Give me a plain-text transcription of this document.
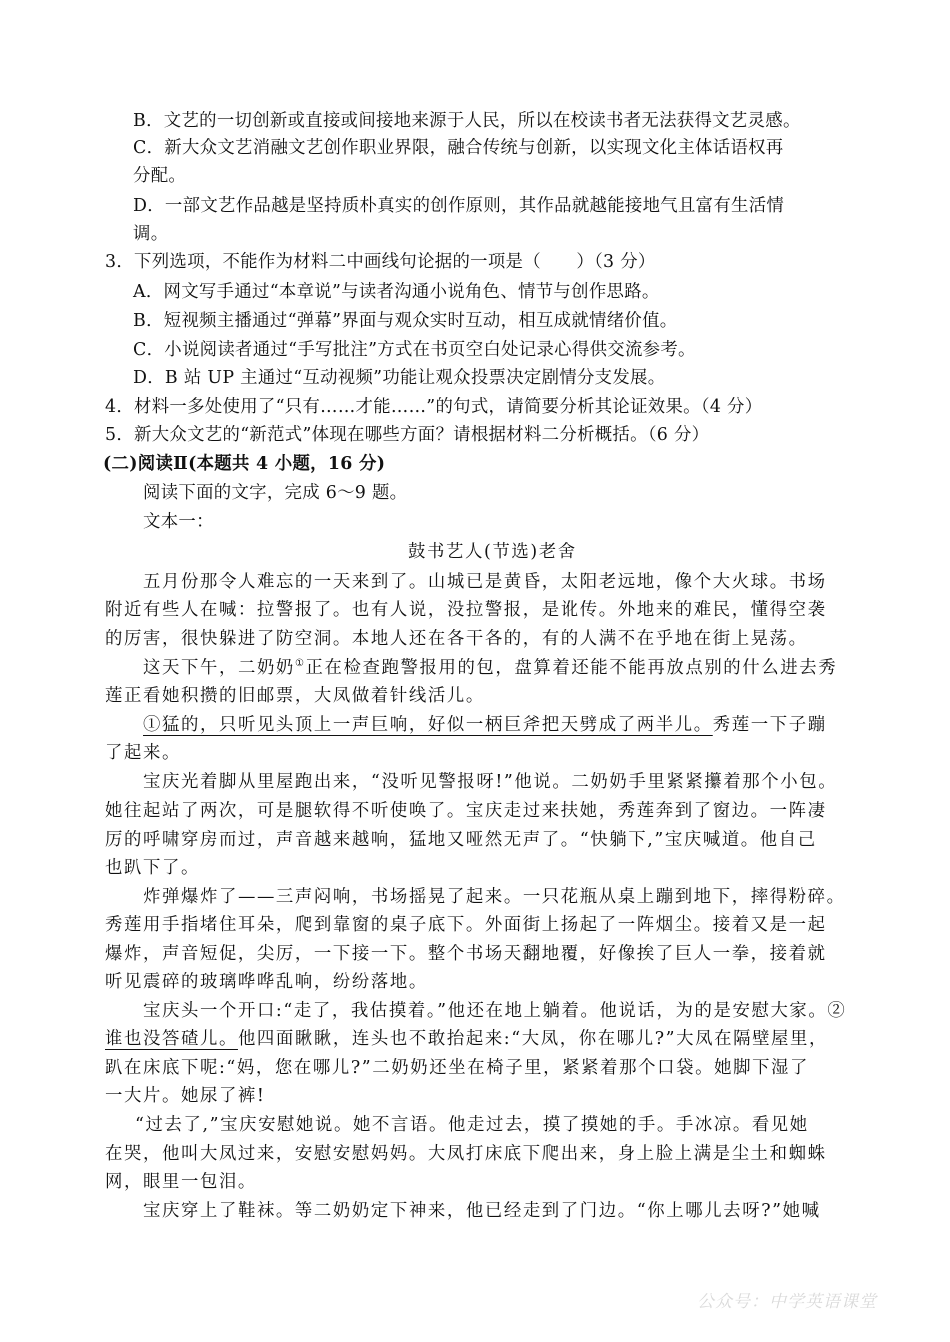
B．文艺的一切创新或直接或间接地来源于人民，所以在校读书者无法获得文艺灵感。
C．新大众文艺消融文艺创作职业界限，融合传统与创新，以实现文化主体话语权再
分配。
D．一部文艺作品越是坚持质朴真实的创作原则，其作品就越能接地气且富有生活情
调。
3．下列选项，不能作为材料二中画线句论据的一项是（　　）（3 分）
A．网文写手通过“本章说”与读者沟通小说角色、情节与创作思路。
B．短视频主播通过“弹幕”界面与观众实时互动，相互成就情绪价值。
C．小说阅读者通过“手写批注”方式在书页空白处记录心得供交流参考。
D．B 站 UP 主通过“互动视频”功能让观众投票决定剧情分支发展。
4．材料一多处使用了“只有……才能……”的句式，请简要分析其论证效果。（4 分）
5．新大众文艺的“新范式”体现在哪些方面？请根据材料二分析概括。（6 分）
(二)阅读Ⅱ(本题共 4 小题，16 分)
阅读下面的文字，完成 6～9 题。
文本一：
鼓书艺人(节选)老舍
五月份那令人难忘的一天来到了。山城已是黄昏，太阳老远地，像个大火球。书场
附近有些人在喊：拉警报了。也有人说，没拉警报，是讹传。外地来的难民，懂得空袭
的厉害，很快躲进了防空洞。本地人还在各干各的，有的人满不在乎地在街上晃荡。
这天下午，二奶奶①正在检查跑警报用的包，盘算着还能不能再放点别的什么进去秀
莲正看她积攒的旧邮票，大凤做着针线活儿。
①猛的，只听见头顶上一声巨响，好似一柄巨斧把天劈成了两半儿。秀莲一下子蹦
了起来。
宝庆光着脚从里屋跑出来，“没听见警报呀!”他说。二奶奶手里紧紧攥着那个小包。
她往起站了两次，可是腿软得不听使唤了。宝庆走过来扶她，秀莲奔到了窗边。一阵凄
厉的呼啸穿房而过，声音越来越响，猛地又哑然无声了。“快躺下,”宝庆喊道。他自己
也趴下了。
炸弹爆炸了——三声闷响，书场摇晃了起来。一只花瓶从桌上蹦到地下，摔得粉碎。
秀莲用手指堵住耳朵，爬到靠窗的桌子底下。外面街上扬起了一阵烟尘。接着又是一起
爆炸，声音短促，尖厉，一下接一下。整个书场天翻地覆，好像挨了巨人一拳，接着就
听见震碎的玻璃哗哗乱响，纷纷落地。
宝庆头一个开口:“走了，我估摸着。”他还在地上躺着。他说话，为的是安慰大家。②
谁也没答碴儿。他四面瞅瞅，连头也不敢抬起来:“大凤，你在哪儿?”大凤在隔壁屋里，
趴在床底下呢:“妈，您在哪儿?”二奶奶还坐在椅子里，紧紧着那个口袋。她脚下湿了
一大片。她尿了裤!
“过去了,”宝庆安慰她说。她不言语。他走过去，摸了摸她的手。手冰凉。看见她
在哭，他叫大凤过来，安慰安慰妈妈。大凤打床底下爬出来，身上脸上满是尘土和蜘蛛
网，眼里一包泪。
宝庆穿上了鞋袜。等二奶奶定下神来，他已经走到了门边。“你上哪儿去呀?”她喊
公众号：中学英语课堂
